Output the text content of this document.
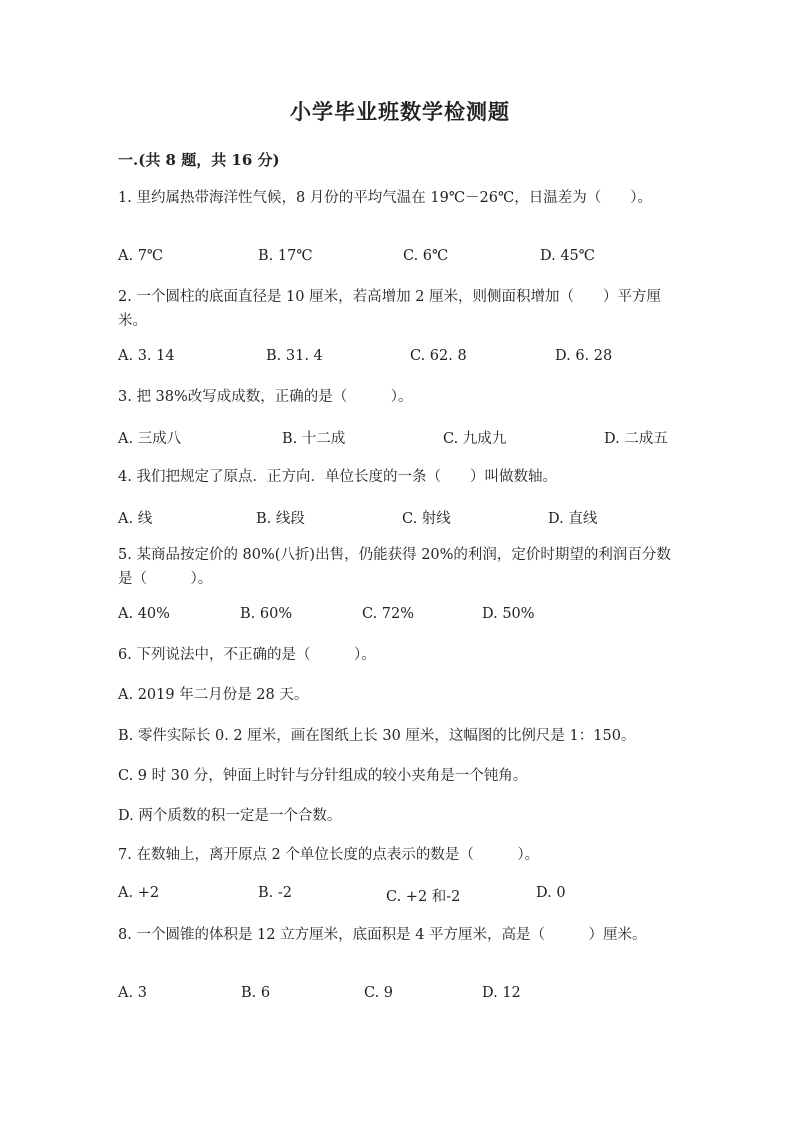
小学毕业班数学检测题
一.(共 8 题，共 16 分)
1. 里约属热带海洋性气候，8 月份的平均气温在 19℃－26℃，日温差为（　　）。
A. 7℃	B. 17℃	C. 6℃	D. 45℃
2. 一个圆柱的底面直径是 10 厘米，若高增加 2 厘米，则侧面积增加（　　）平方厘米。
A. 3. 14	B. 31. 4	C. 62. 8	D. 6. 28
3. 把 38%改写成成数，正确的是（　　　）。
A. 三成八	B. 十二成	C. 九成九	D. 二成五
4. 我们把规定了原点．正方向．单位长度的一条（　　）叫做数轴。
A. 线	B. 线段	C. 射线	D. 直线
5. 某商品按定价的 80%(八折)出售，仍能获得 20%的利润，定价时期望的利润百分数是（　　　）。
A. 40%	B. 60%	C. 72%	D. 50%
6. 下列说法中，不正确的是（　　　）。
A. 2019 年二月份是 28 天。
B. 零件实际长 0. 2 厘米，画在图纸上长 30 厘米，这幅图的比例尺是 1：150。
C. 9 时 30 分，钟面上时针与分针组成的较小夹角是一个钝角。
D. 两个质数的积一定是一个合数。
7. 在数轴上，离开原点 2 个单位长度的点表示的数是（　　　）。
A. +2	B. -2	C. +2 和-2	D. 0
8. 一个圆锥的体积是 12 立方厘米，底面积是 4 平方厘米，高是（　　　）厘米。
A. 3	B. 6	C. 9	D. 12
